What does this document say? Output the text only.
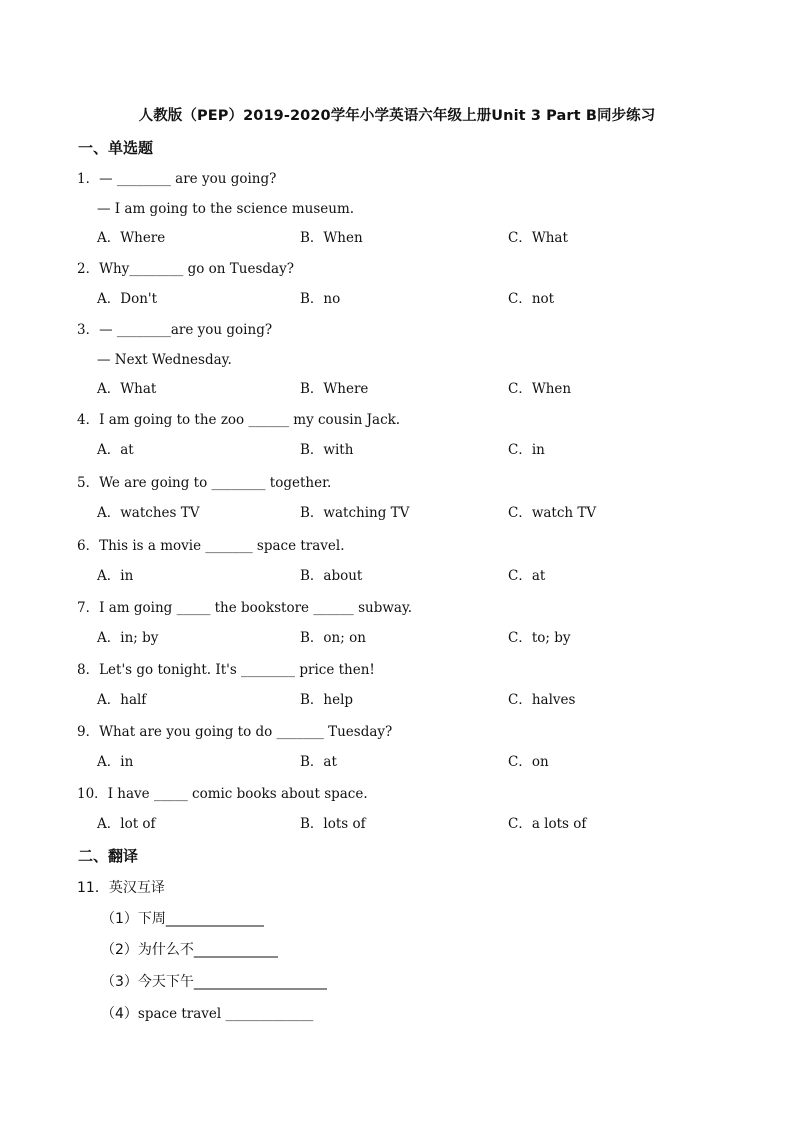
人教版（PEP）2019-2020学年小学英语六年级上册Unit 3 Part B同步练习
一、单选题
1．— ________ are you going?
— I am going to the science museum.
A．Where	B．When	C．What
2．Why________ go on Tuesday?
A．Don't	B．no	C．not
3．— ________are you going?
— Next Wednesday.
A．What	B．Where	C．When
4．I am going to the zoo ______ my cousin Jack.
A．at	B．with	C．in
5．We are going to ________ together.
A．watches TV	B．watching TV	C．watch TV
6．This is a movie _______ space travel.
A．in	B．about	C．at
7．I am going _____ the bookstore ______ subway.
A．in; by	B．on; on	C．to; by
8．Let's go tonight. It's ________ price then!
A．half	B．help	C．halves
9．What are you going to do _______ Tuesday?
A．in	B．at	C．on
10．I have _____ comic books about space.
A．lot of	B．lots of	C．a lots of
二、翻译
11．英汉互译
（1）下周______________
（2）为什么不____________
（3）今天下午___________________
（4）space travel _____________
